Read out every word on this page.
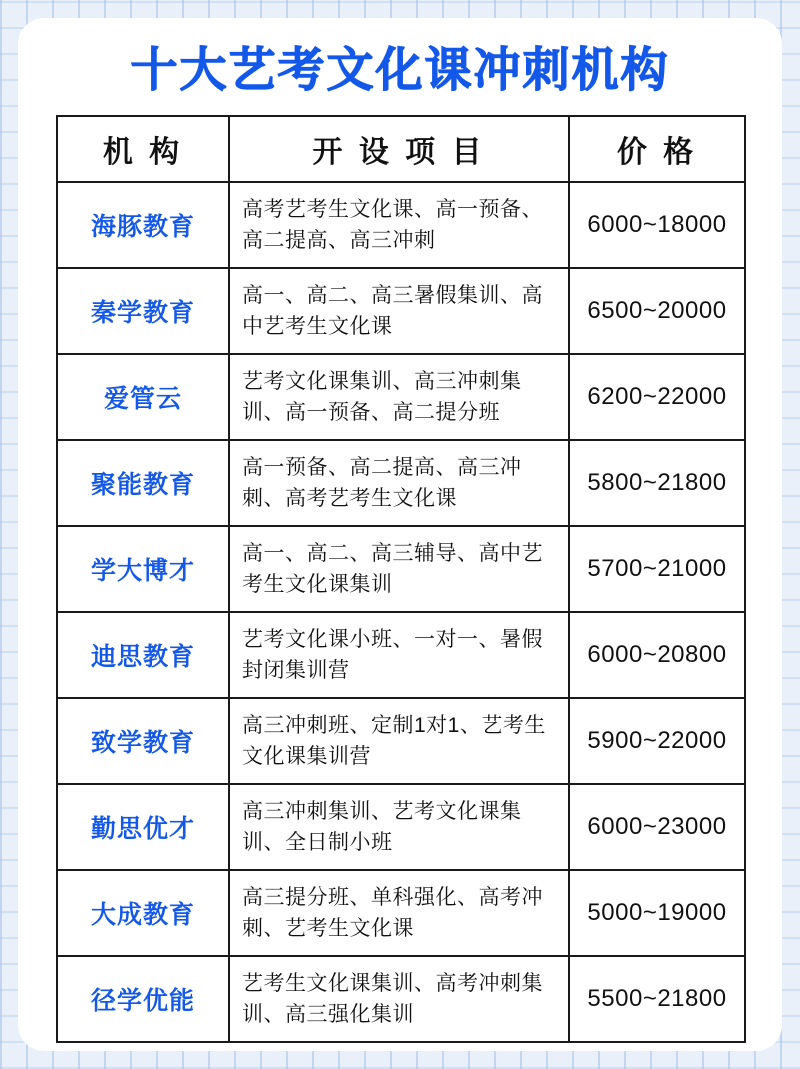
十大艺考文化课冲刺机构
机 构	开 设 项 目	价 格
海豚教育	高考艺考生文化课、高一预备、高二提高、高三冲刺	6000~18000
秦学教育	高一、高二、高三暑假集训、高中艺考生文化课	6500~20000
爱管云	艺考文化课集训、高三冲刺集训、高一预备、高二提分班	6200~22000
聚能教育	高一预备、高二提高、高三冲刺、高考艺考生文化课	5800~21800
学大博才	高一、高二、高三辅导、高中艺考生文化课集训	5700~21000
迪思教育	艺考文化课小班、一对一、暑假封闭集训营	6000~20800
致学教育	高三冲刺班、定制1对1、艺考生文化课集训营	5900~22000
勤思优才	高三冲刺集训、艺考文化课集训、全日制小班	6000~23000
大成教育	高三提分班、单科强化、高考冲刺、艺考生文化课	5000~19000
径学优能	艺考生文化课集训、高考冲刺集训、高三强化集训	5500~21800
